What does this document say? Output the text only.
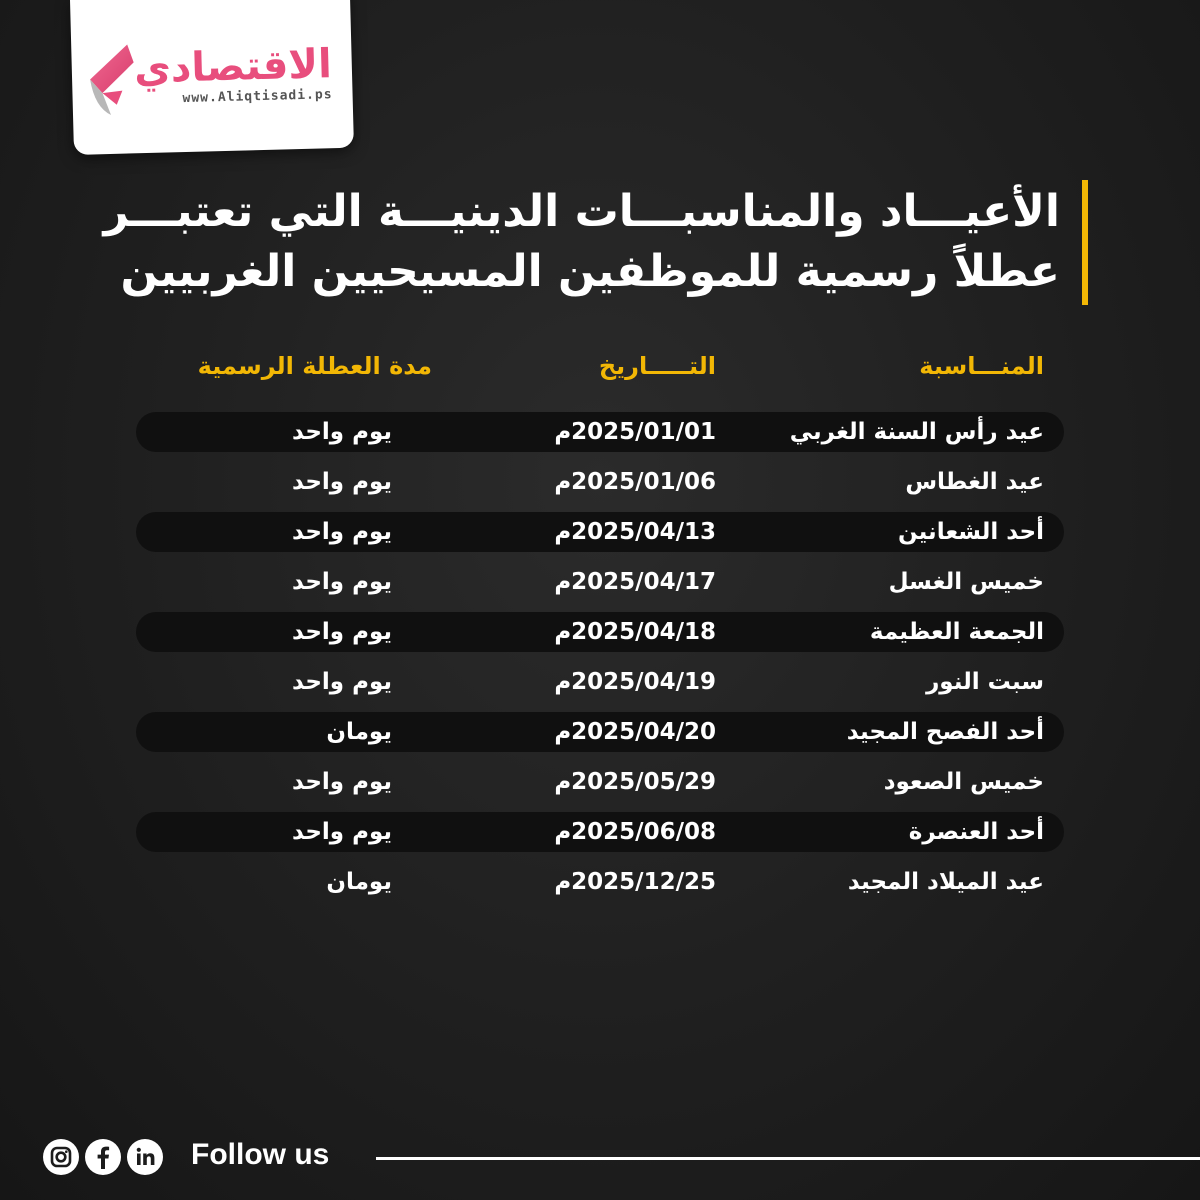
الاقتصادي
www.Aliqtisadi.ps
الأعيـــاد والمناسبـــات الدينيـــة التي تعتبـــر
عطلاً رسمية للموظفين المسيحيين الغربيين
المنـــاسبة
التـــــاريخ
مدة العطلة الرسمية
عيد رأس السنة الغربي
2025/01/01م
يوم واحد
عيد الغطاس
2025/01/06م
يوم واحد
أحد الشعانين
2025/04/13م
يوم واحد
خميس الغسل
2025/04/17م
يوم واحد
الجمعة العظيمة
2025/04/18م
يوم واحد
سبت النور
2025/04/19م
يوم واحد
أحد الفصح المجيد
2025/04/20م
يومان
خميس الصعود
2025/05/29م
يوم واحد
أحد العنصرة
2025/06/08م
يوم واحد
عيد الميلاد المجيد
2025/12/25م
يومان
Follow us
